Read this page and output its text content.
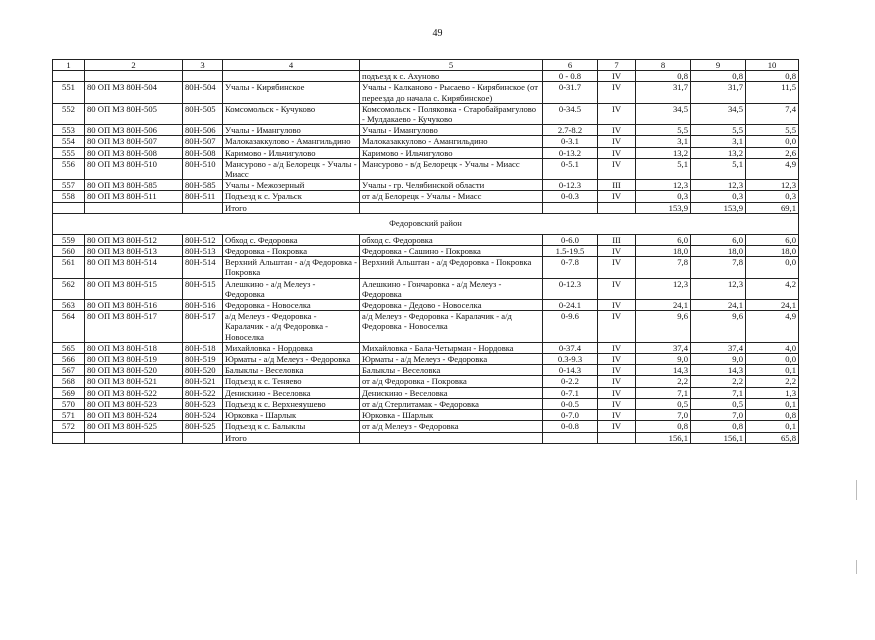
49
1	2	3	4	5	6	7	8	9	10
				подъезд к с. Ахуново	0 - 0.8	IV	0,8	0,8	0,8
551	80 ОП МЗ 80Н-504	80Н-504	Учалы - Кирябинское	Учалы - Калканово - Рысаево - Кирябинское (от переезда до начала с. Кирябинское)	0-31.7	IV	31,7	31,7	11,5
552	80 ОП МЗ 80Н-505	80Н-505	Комсомольск - Кучуково	Комсомольск - Поляковка - Старобайрамгулово - Мулдакаево - Кучуково	0-34.5	IV	34,5	34,5	7,4
553	80 ОП МЗ 80Н-506	80Н-506	Учалы - Имангулово	Учалы - Имангулово	2.7-8.2	IV	5,5	5,5	5,5
554	80 ОП МЗ 80Н-507	80Н-507	Малоказаккулово - Амангильдино	Малоказаккулово - Амангильдино	0-3.1	IV	3,1	3,1	0,0
555	80 ОП МЗ 80Н-508	80Н-508	Каримово - Ильчигулово	Каримово - Ильчигулово	0-13.2	IV	13,2	13,2	2,6
556	80 ОП МЗ 80Н-510	80Н-510	Мансурово - а/д Белорецк - Учалы - Миасс	Мансурово - в/д Белорецк - Учалы - Миасс	0-5.1	IV	5,1	5,1	4,9
557	80 ОП МЗ 80Н-585	80Н-585	Учалы - Межозерный	Учалы - гр. Челябинской области	0-12.3	III	12,3	12,3	12,3
558	80 ОП МЗ 80Н-511	80Н-511	Подъезд к с. Уральск	от а/д Белорецк - Учалы - Миасс	0-0.3	IV	0,3	0,3	0,3
			Итого				153,9	153,9	69,1
Федоровский район									
559	80 ОП МЗ 80Н-512	80Н-512	Обход с. Федоровка	обход с. Федоровка	0-6.0	III	6,0	6,0	6,0
560	80 ОП МЗ 80Н-513	80Н-513	Федоровка - Покровка	Федоровка - Сашино - Покровка	1.5-19.5	IV	18,0	18,0	18,0
561	80 ОП МЗ 80Н-514	80Н-514	Верхний Альштан - а/д Федоровка - Покровка	Верхний Альштан - а/д Федоровка - Покровка	0-7.8	IV	7,8	7,8	0,0
562	80 ОП МЗ 80Н-515	80Н-515	Алешкино - а/д Мелеуз - Федоровка	Алешкино - Гончаровка - а/д Мелеуз - Федоровка	0-12.3	IV	12,3	12,3	4,2
563	80 ОП МЗ 80Н-516	80Н-516	Федоровка - Новоселка	Федоровка - Дедово - Новоселка	0-24.1	IV	24,1	24,1	24,1
564	80 ОП МЗ 80Н-517	80Н-517	а/д Мелеуз - Федоровка - Каралачик - а/д Федоровка - Новоселка	а/д Мелеуз - Федоровка - Каралачик - а/д Федоровка - Новоселка	0-9.6	IV	9,6	9,6	4,9
565	80 ОП МЗ 80Н-518	80Н-518	Михайловка - Нордовка	Михайловка - Бала-Четырман - Нордовка	0-37.4	IV	37,4	37,4	4,0
566	80 ОП МЗ 80Н-519	80Н-519	Юрматы - а/д Мелеуз - Федоровка	Юрматы - а/д Мелеуз - Федоровка	0.3-9.3	IV	9,0	9,0	0,0
567	80 ОП МЗ 80Н-520	80Н-520	Балыклы - Веселовка	Балыклы - Веселовка	0-14.3	IV	14,3	14,3	0,1
568	80 ОП МЗ 80Н-521	80Н-521	Подъезд к с. Теняево	от а/д Федоровка - Покровка	0-2.2	IV	2,2	2,2	2,2
569	80 ОП МЗ 80Н-522	80Н-522	Денискино - Веселовка	Денискино - Веселовка	0-7.1	IV	7,1	7,1	1,3
570	80 ОП МЗ 80Н-523	80Н-523	Подъезд к с. Верхнеяушево	от а/д Стерлитамак - Федоровка	0-0.5	IV	0,5	0,5	0,1
571	80 ОП МЗ 80Н-524	80Н-524	Юрковка - Шарлык	Юрковка - Шарлык	0-7.0	IV	7,0	7,0	0,8
572	80 ОП МЗ 80Н-525	80Н-525	Подъезд к с. Балыклы	от а/д Мелеуз - Федоровка	0-0.8	IV	0,8	0,8	0,1
			Итого				156,1	156,1	65,8
